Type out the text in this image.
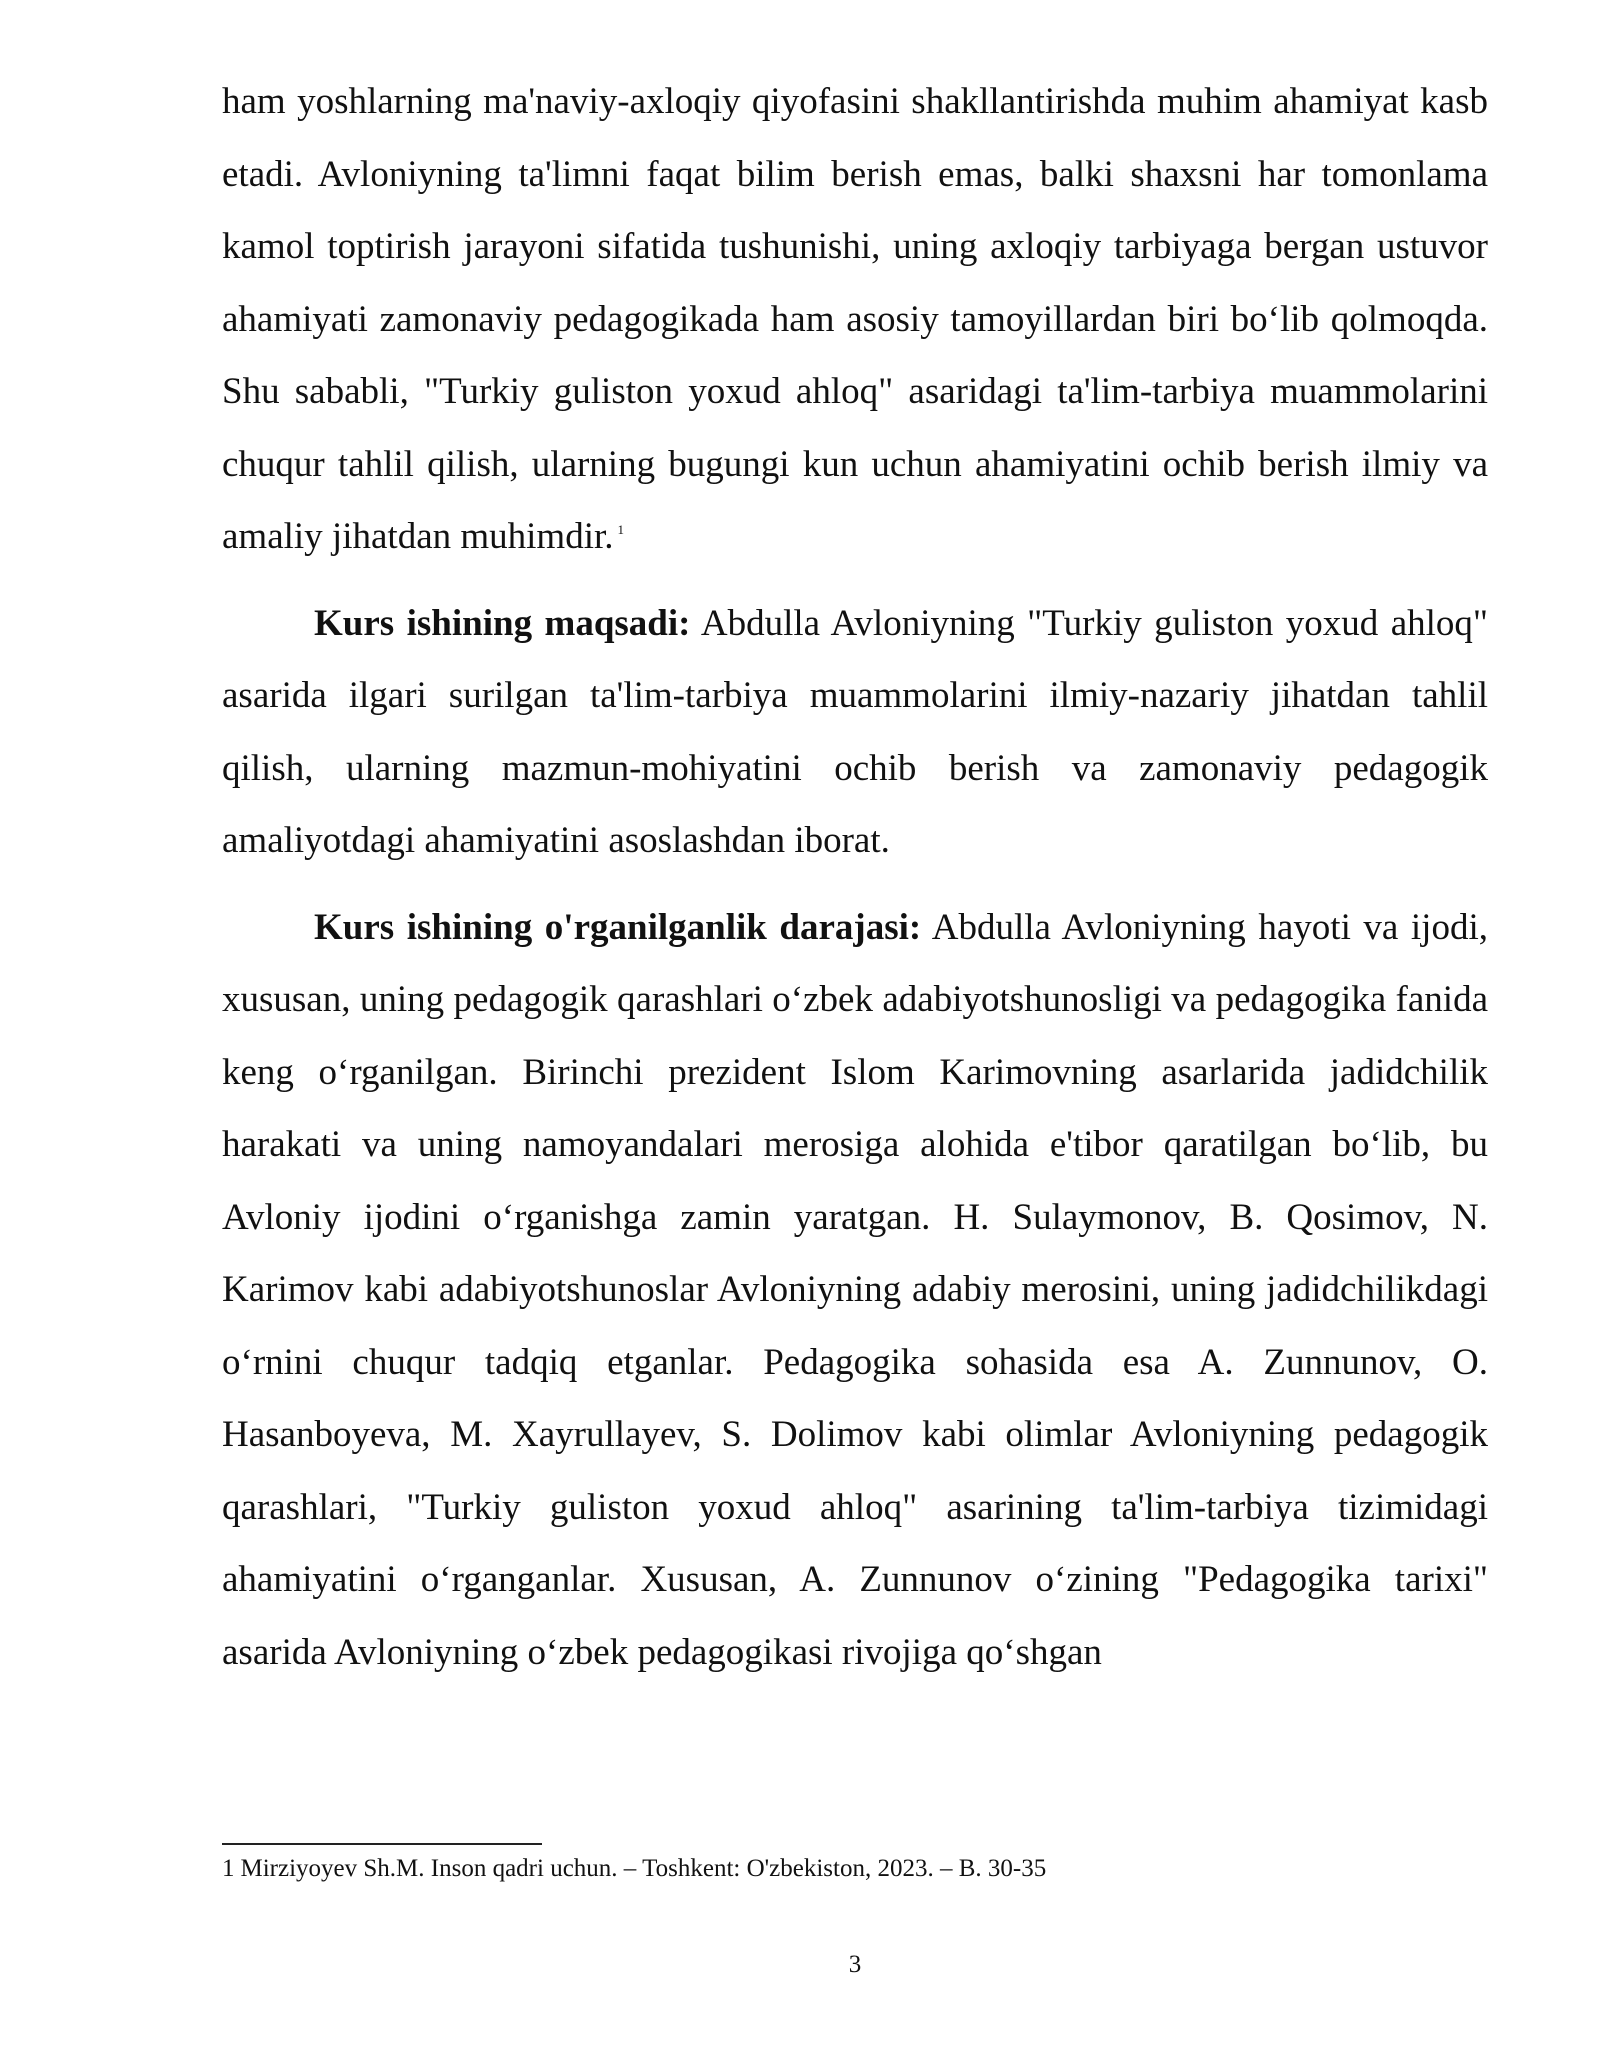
ham yoshlarning ma'naviy-axloqiy qiyofasini shakllantirishda muhim ahamiyat kasb etadi. Avloniyning ta'limni faqat bilim berish emas, balki shaxsni har tomonlama kamol toptirish jarayoni sifatida tushunishi, uning axloqiy tarbiyaga bergan ustuvor ahamiyati zamonaviy pedagogikada ham asosiy tamoyillardan biri boʻlib qolmoqda. Shu sababli, "Turkiy guliston yoxud ahloq" asaridagi ta'lim-tarbiya muammolarini chuqur tahlil qilish, ularning bugungi kun uchun ahamiyatini ochib berish ilmiy va amaliy jihatdan muhimdir. $^1$

Kurs ishining maqsadi: Abdulla Avloniyning "Turkiy guliston yoxud ahloq" asarida ilgari surilgan ta'lim-tarbiya muammolarini ilmiy-nazariy jihatdan tahlil qilish, ularning mazmun-mohiyatini ochib berish va zamonaviy pedagogik amaliyotdagi ahamiyatini asoslashdan iborat.

Kurs ishining o'rganilganlik darajasi: Abdulla Avloniyning hayoti va ijodi, xususan, uning pedagogik qarashlari oʻzbek adabiyotshunosligi va pedagogika fanida keng oʻrganilgan. Birinchi prezident Islom Karimovning asarlarida jadidchilik harakati va uning namoyandalari merosiga alohida e'tibor qaratilgan boʻlib, bu Avloniy ijodini oʻrganishga zamin yaratgan. H. Sulaymonov, B. Qosimov, N. Karimov kabi adabiyotshunoslar Avloniyning adabiy merosini, uning jadidchilikdagi oʻrnini chuqur tadqiq etganlar. Pedagogika sohasida esa A. Zunnunov, O. Hasanboyeva, M. Xayrullayev, S. Dolimov kabi olimlar Avloniyning pedagogik qarashlari, "Turkiy guliston yoxud ahloq" asarining ta'lim-tarbiya tizimidagi ahamiyatini oʻrganganlar. Xususan, A. Zunnunov oʻzining "Pedagogika tarixi" asarida Avloniyning oʻzbek pedagogikasi rivojiga qoʻshgan

1 Mirziyoyev Sh.M. Inson qadri uchun. – Toshkent: O'zbekiston, 2023. – B. 30-35
3
